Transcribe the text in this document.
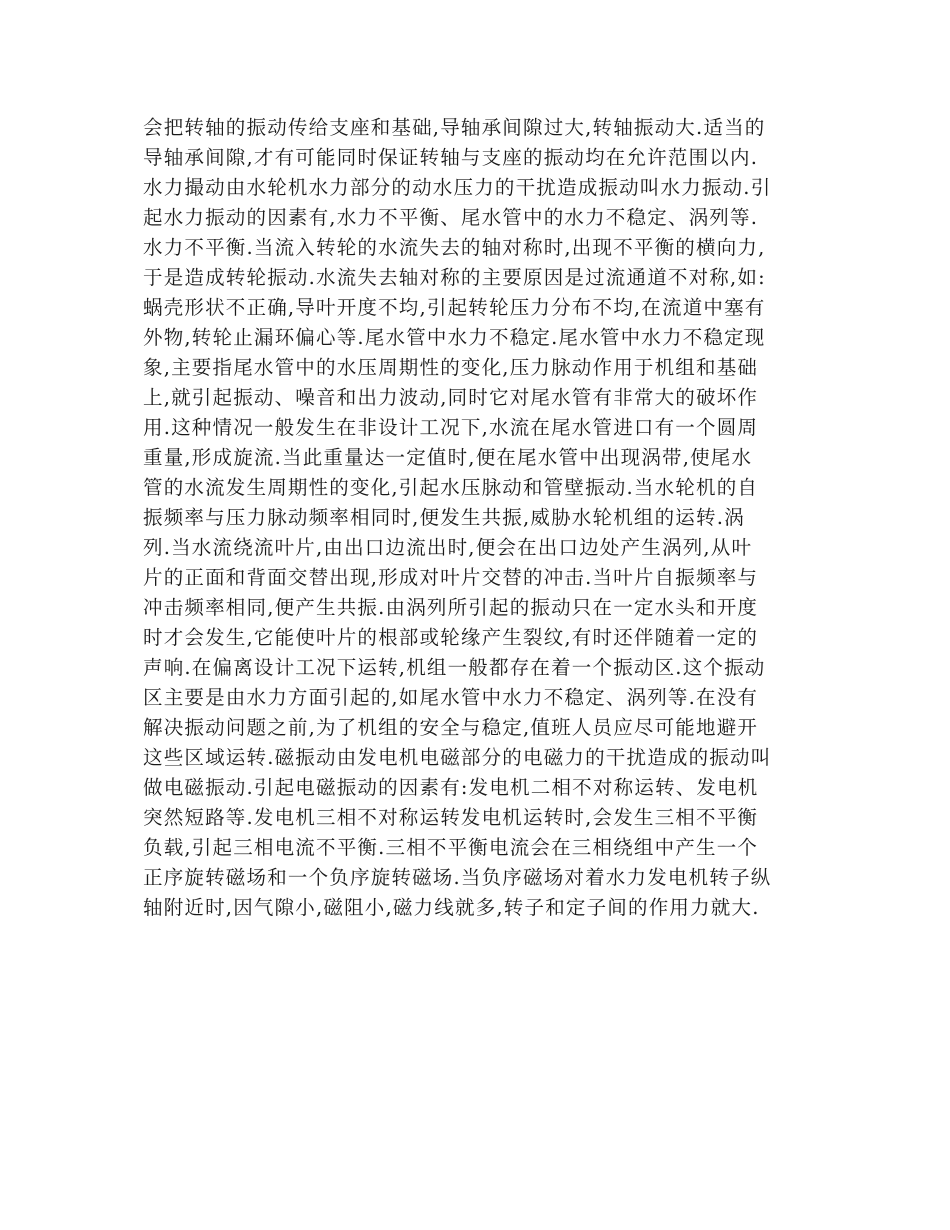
会把转轴的振动传给支座和基础,导轴承间隙过大,转轴振动大.适当的
导轴承间隙,才有可能同时保证转轴与支座的振动均在允许范围以内.
水力撮动由水轮机水力部分的动水压力的干扰造成振动叫水力振动.引
起水力振动的因素有,水力不平衡、尾水管中的水力不稳定、涡列等.
水力不平衡.当流入转轮的水流失去的轴对称时,出现不平衡的横向力,
于是造成转轮振动.水流失去轴对称的主要原因是过流通道不对称,如:
蜗壳形状不正确,导叶开度不均,引起转轮压力分布不均,在流道中塞有
外物,转轮止漏环偏心等.尾水管中水力不稳定.尾水管中水力不稳定现
象,主要指尾水管中的水压周期性的变化,压力脉动作用于机组和基础
上,就引起振动、噪音和出力波动,同时它对尾水管有非常大的破坏作
用.这种情况一般发生在非设计工况下,水流在尾水管进口有一个圆周
重量,形成旋流.当此重量达一定值时,便在尾水管中出现涡带,使尾水
管的水流发生周期性的变化,引起水压脉动和管壁振动.当水轮机的自
振频率与压力脉动频率相同时,便发生共振,威胁水轮机组的运转.涡
列.当水流绕流叶片,由出口边流出时,便会在出口边处产生涡列,从叶
片的正面和背面交替出现,形成对叶片交替的冲击.当叶片自振频率与
冲击频率相同,便产生共振.由涡列所引起的振动只在一定水头和开度
时才会发生,它能使叶片的根部或轮缘产生裂纹,有时还伴随着一定的
声响.在偏离设计工况下运转,机组一般都存在着一个振动区.这个振动
区主要是由水力方面引起的,如尾水管中水力不稳定、涡列等.在没有
解决振动问题之前,为了机组的安全与稳定,值班人员应尽可能地避开
这些区域运转.磁振动由发电机电磁部分的电磁力的干扰造成的振动叫
做电磁振动.引起电磁振动的因素有:发电机二相不对称运转、发电机
突然短路等.发电机三相不对称运转发电机运转时,会发生三相不平衡
负载,引起三相电流不平衡.三相不平衡电流会在三相绕组中产生一个
正序旋转磁场和一个负序旋转磁场.当负序磁场对着水力发电机转子纵
轴附近时,因气隙小,磁阻小,磁力线就多,转子和定子间的作用力就大.
